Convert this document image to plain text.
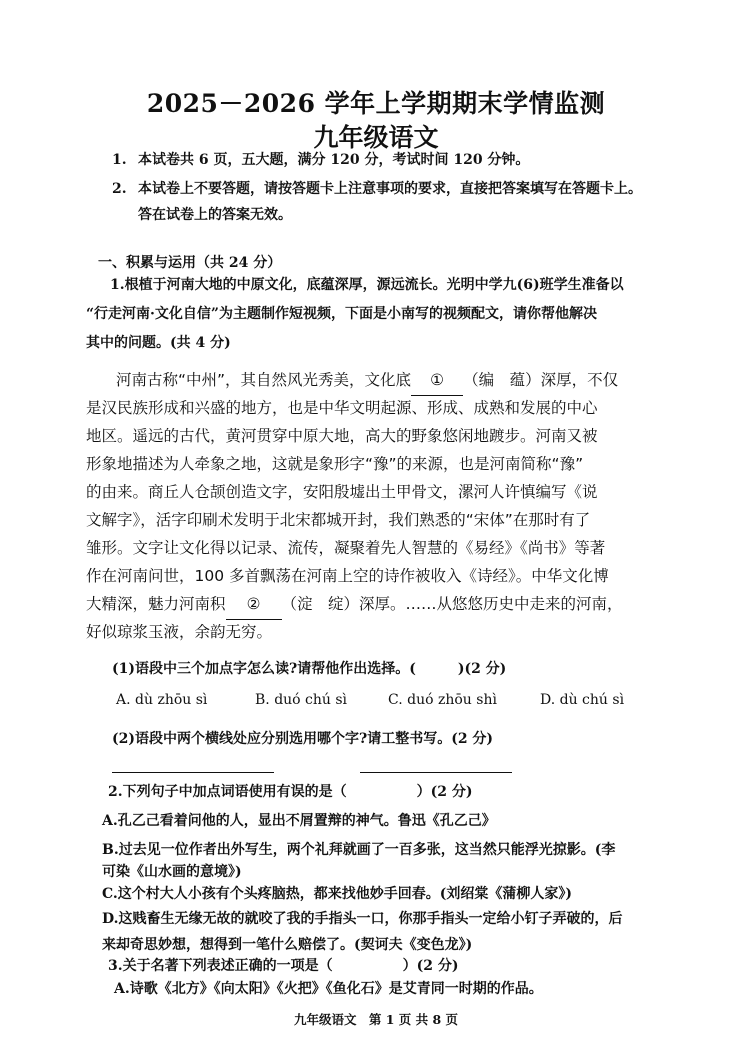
2025－2026 学年上学期期末学情监测
九年级语文
1. 本试卷共 6 页，五大题，满分 120 分，考试时间 120 分钟。
2. 本试卷上不要答题，请按答题卡上注意事项的要求，直接把答案填写在答题卡上。
答在试卷上的答案无效。
一、积累与运用（共 24 分）
1.根植于河南大地的中原文化，底蕴深厚，源远流长。光明中学九(6)班学生准备以
“行走河南·文化自信”为主题制作短视频，下面是小南写的视频配文，请你帮他解决
其中的问题。(共 4 分)
河南古称“中州”，其自然风光秀美，文化底 ① （编　蕴）深厚，不仅
是汉民族形成和兴盛的地方，也是中华文明起源、形成、成熟和发展的中心
地区。遥远的古代，黄河贯穿中原大地，高大的野象悠闲地踱步。河南又被
形象地描述为人牵象之地，这就是象形字“豫”的来源，也是河南简称“豫”
的由来。商丘人仓颉创造文字，安阳殷墟出土甲骨文，漯河人许慎编写《说
文解字》，活字印刷术发明于北宋都城开封，我们熟悉的“宋体”在那时有了
雏形。文字让文化得以记录、流传，凝聚着先人智慧的《易经》《尚书》等著
作在河南问世，100 多首飘荡在河南上空的诗作被收入《诗经》。中华文化博
大精深，魅力河南积 ② （淀　绽）深厚。……从悠悠历史中走来的河南，
好似琼浆玉液，余韵无穷。
(1)语段中三个加点字怎么读?请帮他作出选择。(　　　)(2 分)
A. dù zhōu sì	B. duó chú sì	C. duó zhōu shì	D. dù chú sì
(2)语段中两个横线处应分别选用哪个字?请工整书写。(2 分)
2.下列句子中加点词语使用有误的是（　　　　　）(2 分)
A.孔乙己看着问他的人，显出不屑置辩的神气。鲁迅《孔乙己》
B.过去见一位作者出外写生，两个礼拜就画了一百多张，这当然只能浮光掠影。(李
可染《山水画的意境》)
C.这个村大人小孩有个头疼脑热，都来找他妙手回春。(刘绍棠《蒲柳人家》)
D.这贱畜生无缘无故的就咬了我的手指头一口，你那手指头一定给小钉子弄破的，后
来却奇思妙想，想得到一笔什么赔偿了。(契诃夫《变色龙》)
3.关于名著下列表述正确的一项是（　　　　　）(2 分)
A.诗歌《北方》《向太阳》《火把》《鱼化石》是艾青同一时期的作品。
九年级语文 第 1 页 共 8 页
